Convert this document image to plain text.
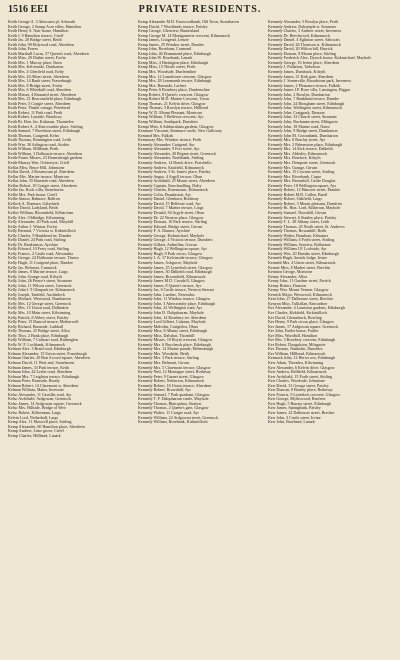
1516 EEI	PRIVATE RESIDENTS.

Keith George A. 3 Abercairn pl. Arbroath

Keith George, 2 Stamp Acre villas, Hamilton

Keith Henry S. Nair house, Hamilton

Keith J. 9 Hamilton terrace, Crieff

Keith Jas. 20 Bridge street, Beith

Keith John, 90 Holyrood road, Aberdeen

Keith John, Forres

Keith Marshall Lucas, 57 Queen's road, Aberdeen

Keith Miss, 20 Duthie street, Forfar

Keith Mrs. 1 Murray place, Ibrox

Keith Mrs. Kelvinside, Dunbarton

Keith Mrs. 4 Glenfield road, Kelty

Keith Mrs. 20 Albert street, Aberdeen

Keith Mrs. 14 Bank street, Fraserburgh

Keith Mrs. 8 Bridge street, Forfar

Keith Mrs. 6 Whitehall road, Aberdeen

Keith Misses, 4 Kinnaird street, Aberdeen

Keith Mrs. 21 Beaconsfield place, Edinburgh

Keith Peter, 5 Craigie street, Aberdeen

Keith Peter, Thistle cottage, Peterhead

Keith Robert, 11 Park road, Perth

Keith Robert, Lyndale, Banchory

Keith Rt. Hon. Jas. Kirkman, Thornielee

Keith Robert A. 4 Abercrombie place, Stirling

Keith Samuel, 7 Ravelston street, Edinburgh

Keith Thomas, Craigend, Kelso

Keith Thomas, Bonnington road, Leith

Keith Wm. 30 Arlington road, Airdrie

Keith William, Millbank, Perth

Keith William, 3 Dalhousie terrace, Aberdeen

Keith-Fraser Misses, 23 Drumsheugh gardens

Keith-Murray Wm. Ochtertyre, Crieff

Kellas Miss, Bruce Hill, Johnstone

Kellas David, 2 Rosemount pl. Aberdeen

Kellas Mrs. Marine terrace, Montrose

Kellas John, 55 Braeside road, Aberdeen

Kellas Robert, 10 Craigie street, Aberdeen

Kellie Jas. Rock villa, Stonehaven

Kellie Mrs. Park house, Crieff

Kellie Simon, Balmore, Balfron

Kellock A. Dunearn, Galashiels

Kelloe David, Ladyland, Beith

Kelloe William, Bloomfield, Kilbarchan

Kelly Alex. Oldbridge, Kilwinning

Kelly Alexander, 20 Park road, Maryhill

Kelly Arthur J. Winton, Forfar

Kelly Bernard, 7 Victoria st. Kirkintilloch

Kelly Charles, 9 Bankhead ter. Dundee

Kelly Daniel, 24 Park road, Stirling

Kelly Dr. Rankinston, Ayrshire

Kelly Edward, 10 Ferry road, Stirling

Kelly Francis, 2 Castle road, Alexandria

Kelly George, 24 Dalhousie terrace, Thurso

Kelly Hugh, 11 Craigend place, Dundee

Kelly Jas. Belmont, Cumnock

Kelly James, 8 Marine terrace, Largs

Kelly John, Grange road, Kilsyth

Kelly John, 26 Prince's street, Stranraer

Kelly John, 11 Wilson street, Greenock

Kelly John J. 9 Glenpark ter. Kilmarnock

Kelly Joseph, Tanfield, Auchinleck

Kelly Michael, Westwood, Dumbarton

Kelly Mrs. 12 George street, Greenock

Kelly Mrs. 15 Union road, Dalbeattie

Kelly Mrs. 10 Main street, Kilwinning

Kelly Patrick, 8 Abbey street, Paisley

Kelly Peter, 15 Dunrod terrace, Motherwell

Kelly Richard, Burnside, Larkhall

Kelly Thomas, 25 Bridge street, Alloa

Kelly Thos. 2 Bank place, Edinburgh

Kelly William, 7 Cathcart road, Rutherglen

Kelly W. F. Lochbank, Kilmarnock

Kelman Alex. 3 Braid road, Edinburgh

Kelman Alexander, 15 Union street, Fraserburgh

Kelman Charles, 20 Bon Accord square, Aberdeen

Kelman David, 11 West end, Stonehaven

Kelman James, 33 Park terrace, Keith

Kelman John, 42 Leslie road, Aberdeen

Kelman Mrs. 7 Leighton terrace, Edinburgh

Kelman Peter, Burnside, Huntly

Kelman Robert, 14 Claremont st. Aberdeen

Kelman William, Mains, Inverurie

Kelso Alexander, 11 Cassillis road, Ayr

Kelso Archibald, Ardgowan, Greenock

Kelso James, 14 Ardgowan square, Greenock

Kelso Mrs. Hillside, Bridge of Weir

Kelso Robert, Kilbrennan, Largs

Kelvin Lord, Netherhall, Largs

Kemp Alex. 11 Maxwell place, Stirling

Kemp Alexander, 60 Hamilton place, Aberdeen

Kemp Andrew, Lime grove, Crieff

Kemp Charles, Hillhead, Lanark

Kemp Alexander M.D. Eastwoodbank, Old Town, Stonehaven

Kemp David, 7 Woodlands terrace, Paisley

Kemp George, Glenview, Burntisland

Kemp George M. 14 Montgomerie crescent, Kilmarnock

Kemp James, Craigend, Lenzie

Kemp James, 25 Windsor street, Dundee

Kemp John, Roseburn, Cramond

Kemp John, 46 Drummond place, Edinburgh

Kemp John W. Rosebank, Lanark

Kemp Miss, 4 Hartington place, Edinburgh

Kemp Miss, 15 Thistle street, Perth

Kemp Mrs. Woodside, Dunfermline

Kemp Mrs. 12 Lansdowne crescent, Glasgow

Kemp Mrs. 28 Learmonth terrace, Edinburgh

Kemp Mrs. Burnside, Larbert

Kemp Peter, 6 Rosebery place, Dunfermline

Kemp Robert, 8 Queen's crescent, Glasgow

Kemp Robert M.D. Marine Crescent, Troon

Kemp Thomas, 21 Kelvin drive, Glasgow

Kemp Thomas, 3 Rosslyn terrace, Hillhead

Kemp W. D. Mount Pleasant, Montrose

Kemp William, 5 Bellevue crescent, Ayr

Kemp William, Southpark, Dumfries

Kempt Miss, 6 Ashburnham gardens, Glasgow

Kenmure Viscount, Kenmure castle, New Galloway

Kennard Mrs. Falkirk

Kennaway Mrs. Windsor terrace, Perth

Kennedy Alexander, Craigend, Ayr

Kennedy Alexander, 9 Fort street, Ayr

Kennedy Alexander, 20 Regent street, Greenock

Kennedy Alexander, Northbank, Stirling

Kennedy Andrew, 14 Beach drive, Portobello

Kennedy Andrew, Eastfield, Kilmarnock

Kennedy Andrew, 3 St. James' place, Paisley

Kennedy Angus, 4 Argyll terrace, Oban

Kennedy Archibald, 25 Mount street, Aberdeen

Kennedy Captain, Knocknalling, Dalry

Kennedy Charles, Rosemount, Kilmarnock

Kennedy Colin, Dunalastair, Ayr

Kennedy Daniel, Glenburn, Rothesay

Kennedy David, 15 Bellevue road, Ayr

Kennedy David, 7 Marine terrace, Largs

Kennedy Donald, 30 Argyle street, Oban

Kennedy Dr. 22 Newton place, Glasgow

Kennedy Duncan, 10 Park terrace, Stirling

Kennedy Edward, Bridge street, Girvan

Kennedy F. A. Dunure, Ayrshire

Kennedy George, Kirkmichael, Maybole

Kennedy George, 4 Victoria terrace, Dumfries

Kennedy Gilbert, Ardmillan, Girvan

Kennedy Hugh, 12 Wellington square, Ayr

Kennedy Hugh, 9 Park circus, Glasgow

Kennedy J. A. 17 Kelvinside terrace, Glasgow

Kennedy James, Ashgrove, Maybole

Kennedy James, 25 Lynedoch street, Glasgow

Kennedy James, 30 Dalkeith road, Edinburgh

Kennedy James, Broomfield, Kilmarnock

Kennedy James M.D. Crosshill, Glasgow

Kennedy James, 8 Queen's terrace, Ayr

Kennedy Jas. 6 Castle terrace, Newton Stewart

Kennedy John, Lanfine, Newmilns

Kennedy John, 11 Windsor terrace, Glasgow

Kennedy John, 3 Abercromby place, Edinburgh

Kennedy John, 22 Wellington road, Ayr

Kennedy John D. Dalquharran, Maybole

Kennedy John, 14 Rosebery ter. Aberdeen

Kennedy Lord Gilbert, Culzean, Maybole

Kennedy Malcolm, Craigielea, Oban

Kennedy Miss, 8 Albany street, Edinburgh

Kennedy Miss, Dalwhat, Thornhill

Kennedy Misses, 10 Royal crescent, Glasgow

Kennedy Mrs. 6 Buccleuch place, Edinburgh

Kennedy Mrs. 12 Marine parade, Helensburgh

Kennedy Mrs. Woodside, Beith

Kennedy Mrs. 3 Park terrace, Stirling

Kennedy Mrs. Belmont, Girvan

Kennedy Mrs. 5 Claremont terrace, Glasgow

Kennedy Neil, 12 Montague street, Rothesay

Kennedy Peter, 9 Garnet street, Glasgow

Kennedy Robert, Netherton, Kilmarnock

Kennedy Robert, 16 Union terrace, Aberdeen

Kennedy Robert, Brownhill, Ayr

Kennedy Samuel, 7 Park quadrant, Glasgow

Kennedy T. F. Dalquharran castle, Maybole

Kennedy Thomas, Blairquhan, Straiton

Kennedy Thomas, 2 Queen's gate, Glasgow

Kennedy Walter, 11 Craigie road, Ayr

Kennedy William, 22 Ardgowan street, Greenock

Kennedy William, Rosebank, Kirkintilloch

Kennedy Alexander, 5 Rosslyn place, Perth

Kennedy Andrew, Dalrymple st. Stranraer

Kennedy Charles, 3 Andrew street, Inverness

Kennedy Dr. Beechwood, Kilmarnock

Kennedy Daniel, 4 Eglinton street, Saltcoats

Kennedy David, 26 Thomson st. Kilmarnock

Kennedy David, 20 Wilton hill, Hawick

Kennedy Duncan, 8 Mount place, Stirling

Kennedy Frederick Alex. Dyrock house, Kirkmichael, Maybole

Kennedy George, 16 Irvine place, Aberdeen

Kennedy J. Fullarton, Tarbolton

Kennedy James, Dumbuck, Kilsyth

Kennedy James, 21 Kirk gate, Aberdeen

Kennedy J. Somerville, Broadstone park, Inverness

Kennedy James, 2 Pleasance terrace, Falkirk

Kennedy James J.P. Rose villa, Lamington, Biggar

Kennedy John, 2 Rosslyn, Dumbarton

Kennedy John, 7 Bankhead terrace, Dundee

Kennedy John, 24 Brougham street, Edinburgh

Kennedy John, Wellington street, Kilmarnock

Kennedy John, Craigpark, Dunoon

Kennedy John, 33 Church street, Stranraer

Kennedy John, Buchanan street, Milngavie

Kennedy John, 18 Marine road, Nairn

Kennedy John, 9 Bridge street, Dumbarton

Kennedy John M. Gowanbank, Dumbarton

Kennedy Mrs. 6 Barclay street, Ayr

Kennedy Mrs. 2 Palmerston place, Edinburgh

Kennedy Mrs. 14 Kirk terrace, Dalkeith

Kennedy Mrs. Alderley, Kilmarnock

Kennedy Mrs. Braeface, Kilsyth

Kennedy Mrs. Dempster street, Greenock

Kennedy Mrs. Grange, Girvan

Kennedy Mrs. 15 Cowane street, Stirling

Kennedy Mrs. Riverbank, Cupar

Kennedy Mrs. Broomhill, Castle Douglas

Kennedy Peter, 10 Wellington square, Ayr

Kennedy Robert, 12 Hanover street, Dundee

Kennedy Robert M.D. Cullen, Banff

Kennedy Robert, Oakfield, Largs

Kennedy Robert, 3 Mount pleasant, Dumfries

Kennedy Rt. Hon. Lord, Kilkerran, Maybole

Kennedy Samuel, Thornhill, Girvan

Kennedy Stewart, 6 Stanley place, Paisley

Kennedy T. L. 28 Albany street, Leith

Kennedy Thomas, 45 North street, St. Andrews

Kennedy Thomas, Rowanhill, Beith

Kennedy Walter, Burnbrae, Kilmaurs

Kennedy William, 6 Forth street, Stirling

Kennedy William, Seaview, Ballantrae

Kennedy William J.P. Lochside, Ayr

Kennedy Wm. 20 Dundas street, Edinburgh

Kenneth Hugh, Annick lodge, Irvine

Kenneth Mrs. 4 Union street, Kilmarnock

Kennie Miss, 8 Market street, Brechin

Kennion George, Montrose

Kenny Alexander, Alloa

Kenny John, 11 Gardner street, Partick

Kenny Robert, Dunoon

Kenny Wm. Mount Vernon, Glasgow

Kenrick Major, Westwood, Kilmarnock

Kent John, 27 Dalhousie street, Brechin

Kenyon Miss, Tulliallan, Kincardine

Ker Alexander, 4 Lauriston gardens, Edinburgh

Ker Charles, Kirkfield, Kirkintilloch

Ker David, Glenarbuck, Bowling

Ker Henry, 9 Park circus place, Glasgow

Ker James, 17 Ardgowan square, Greenock

Ker John, Fairlie house, Fairlie

Ker Miss, Woodhill, Hamilton

Ker Mrs. 3 Rosebery crescent, Edinburgh

Ker Robert, Dougalston, Milngavie

Ker Thomas, Nunholm, Dumfries

Ker William, Hillhead, Kilmarnock

Kermack John, 12 Heriot row, Edinburgh

Kerr Adam, Thornlea, Kilwinning

Kerr Alexander, 6 Kelvin drive, Glasgow

Kerr Andrew, Bellfield, Kilmarnock

Kerr Archibald, 15 Forth street, Stirling

Kerr Charles, Woodside, Johnstone

Kerr David, 31 George street, Paisley

Kerr Duncan, 8 Battery place, Rothesay

Kerr Francis, 9 Lynedoch crescent, Glasgow

Kerr George, Blythswood, Renfrew

Kerr Hugh, 5 Barony street, Edinburgh

Kerr James, Springbank, Paisley

Kerr James, 22 Dalhousie street, Brechin

Kerr John, 3 Castle street, Irvine

Kerr John, Braehead, Lanark
